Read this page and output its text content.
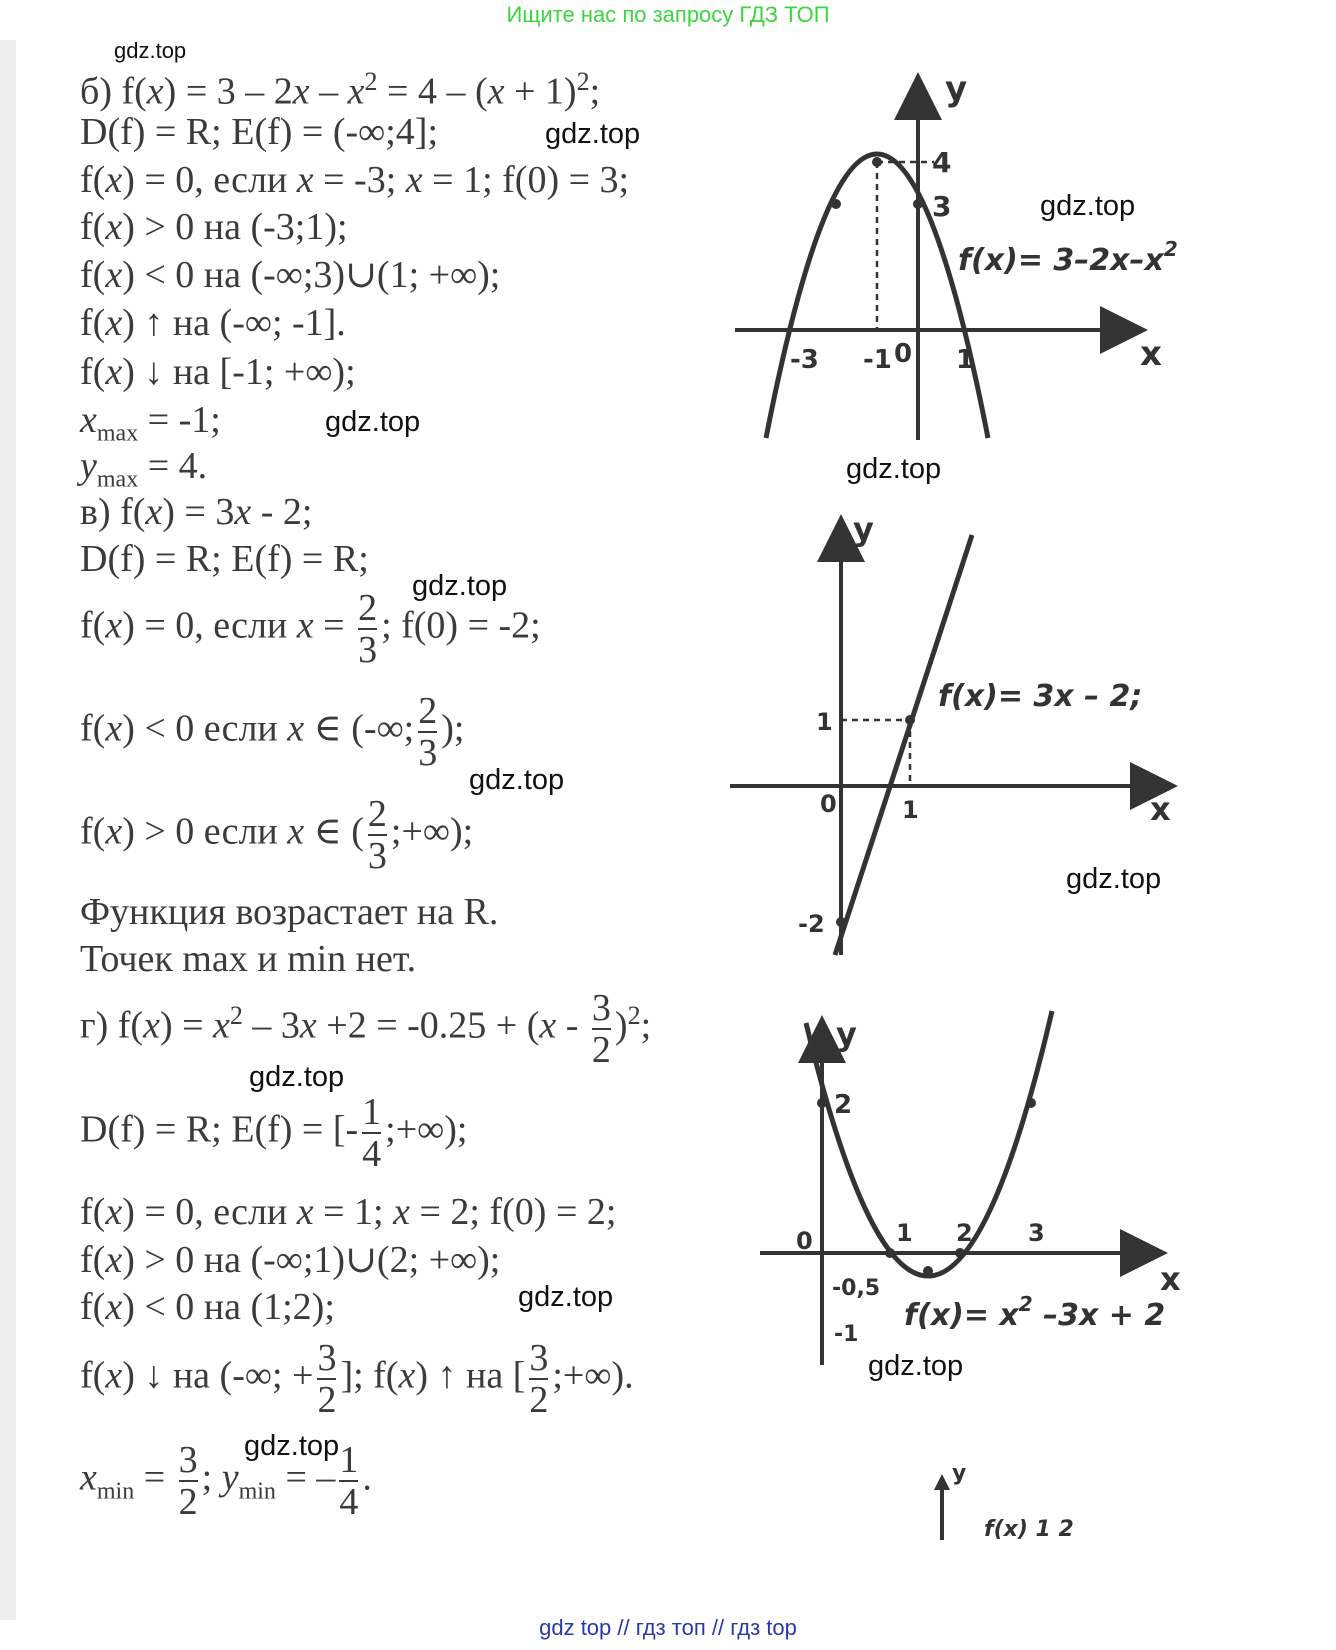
Ищите нас по запросу ГДЗ ТОП
gdz.top
gdz.top
gdz.top
gdz.top
gdz.top
gdz.top
gdz.top
gdz.top
gdz.top
gdz.top
gdz.top
gdz.top
б) $f(x) = 3 - 2x - x^2 = 4 - (x + 1)^2$;
D(f) = R; E(f) = (-∞;4];
f(x) = 0, если x = -3; x = 1; f(0) = 3;
f(x) > 0 на (-3;1);
f(x) < 0 на (-∞;3)∪(1; +∞);
f(x) ↑ на (-∞; -1].
f(x) ↓ на [-1; +∞);
$x_{max} = -1$;
$y_{max} = 4$.
в) f(x) = 3x - 2;
D(f) = R; E(f) = R;
f(x) = 0, если $x = \frac{2}{3}$ ; f(0) = -2;
f(x) < 0 если x ∈ (-∞; $\frac{2}{3}$ );
f(x) > 0 если x ∈ ( $\frac{2}{3}$ ;+∞);
Функция возрастает на R.
Точек max и min нет.
г) $f(x) = x^2 - 3x +2 = -0.25 + (x - \frac{3}{2} )^2$;
D(f) = R; E(f) = [- $\frac{1}{4}$ ;+∞);
f(x) = 0, если x = 1; x = 2; f(0) = 2;
f(x) > 0 на (-∞;1)∪(2; +∞);
f(x) < 0 на (1;2);
f(x) ↓ на (-∞; + $\frac{3}{2}$ ]; f(x) ↑ на [ $\frac{3}{2}$ ;+∞).
$x_{min} = \frac{3}{2}$ ; $y_{min}$ = – $\frac{1}{4}$ .
y
x
-3 -1 0 1
4
3
$f(x)= 3-2x-x^2$
y
x
0
1
1
-2
f(x)= 3x – 2;
y
x
0	1 2 3
2
-0,5
-1
$f(x)= x^2$ –3x + 2
y
f(x) 1 2
gdz top // гдз топ // гдз top
